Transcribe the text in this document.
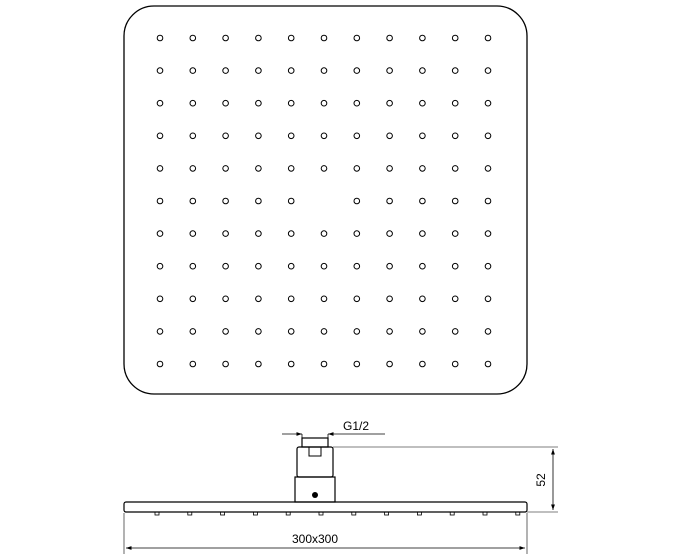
G1/2
52
300x300
